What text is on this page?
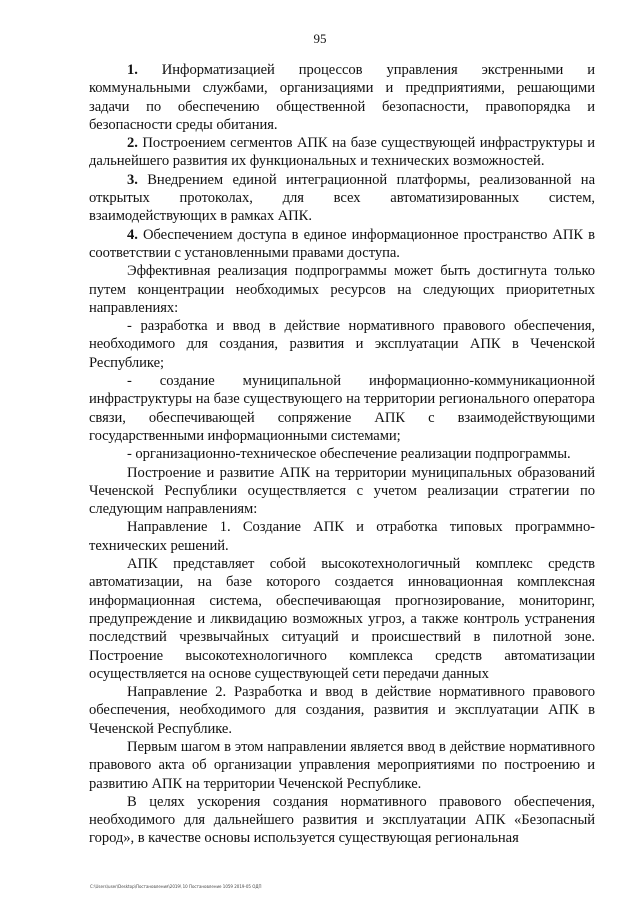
95

1. Информатизацией процессов управления экстренными и коммунальными службами, организациями и предприятиями, решающими задачи по обеспечению общественной безопасности, правопорядка и безопасности среды обитания.

2. Построением сегментов АПК на базе существующей инфраструктуры и дальнейшего развития их функциональных и технических возможностей.

3. Внедрением единой интеграционной платформы, реализованной на открытых протоколах, для всех автоматизированных систем, взаимодействующих в рамках АПК.

4. Обеспечением доступа в единое информационное пространство АПК в соответствии с установленными правами доступа.

Эффективная реализация подпрограммы может быть достигнута только путем концентрации необходимых ресурсов на следующих приоритетных направлениях:

- разработка и ввод в действие нормативного правового обеспечения, необходимого для создания, развития и эксплуатации АПК в Чеченской Республике;

- создание муниципальной информационно-коммуникационной инфраструктуры на базе существующего на территории регионального оператора связи, обеспечивающей сопряжение АПК с взаимодействующими государственными информационными системами;

- организационно-техническое обеспечение реализации подпрограммы.

Построение и развитие АПК на территории муниципальных образований Чеченской Республики осуществляется с учетом реализации стратегии по следующим направлениям:

Направление 1. Создание АПК и отработка типовых программно-технических решений.

АПК представляет собой высокотехнологичный комплекс средств автоматизации, на базе которого создается инновационная комплексная информационная система, обеспечивающая прогнозирование, мониторинг, предупреждение и ликвидацию возможных угроз, а также контроль устранения последствий чрезвычайных ситуаций и происшествий в пилотной зоне. Построение высокотехнологичного комплекса средств автоматизации осуществляется на основе существующей сети передачи данных

Направление 2. Разработка и ввод в действие нормативного правового обеспечения, необходимого для создания, развития и эксплуатации АПК в Чеченской Республике.

Первым шагом в этом направлении является ввод в действие нормативного правового акта об организации управления мероприятиями по построению и развитию АПК на территории Чеченской Республике.

В целях ускорения создания нормативного правового обеспечения, необходимого для дальнейшего развития и эксплуатации АПК «Безопасный город», в качестве основы используется существующая региональная

С:\Users\user\Desktop\Постановления\2019\ 10 Постановление 1059 2019-05 ОДП
